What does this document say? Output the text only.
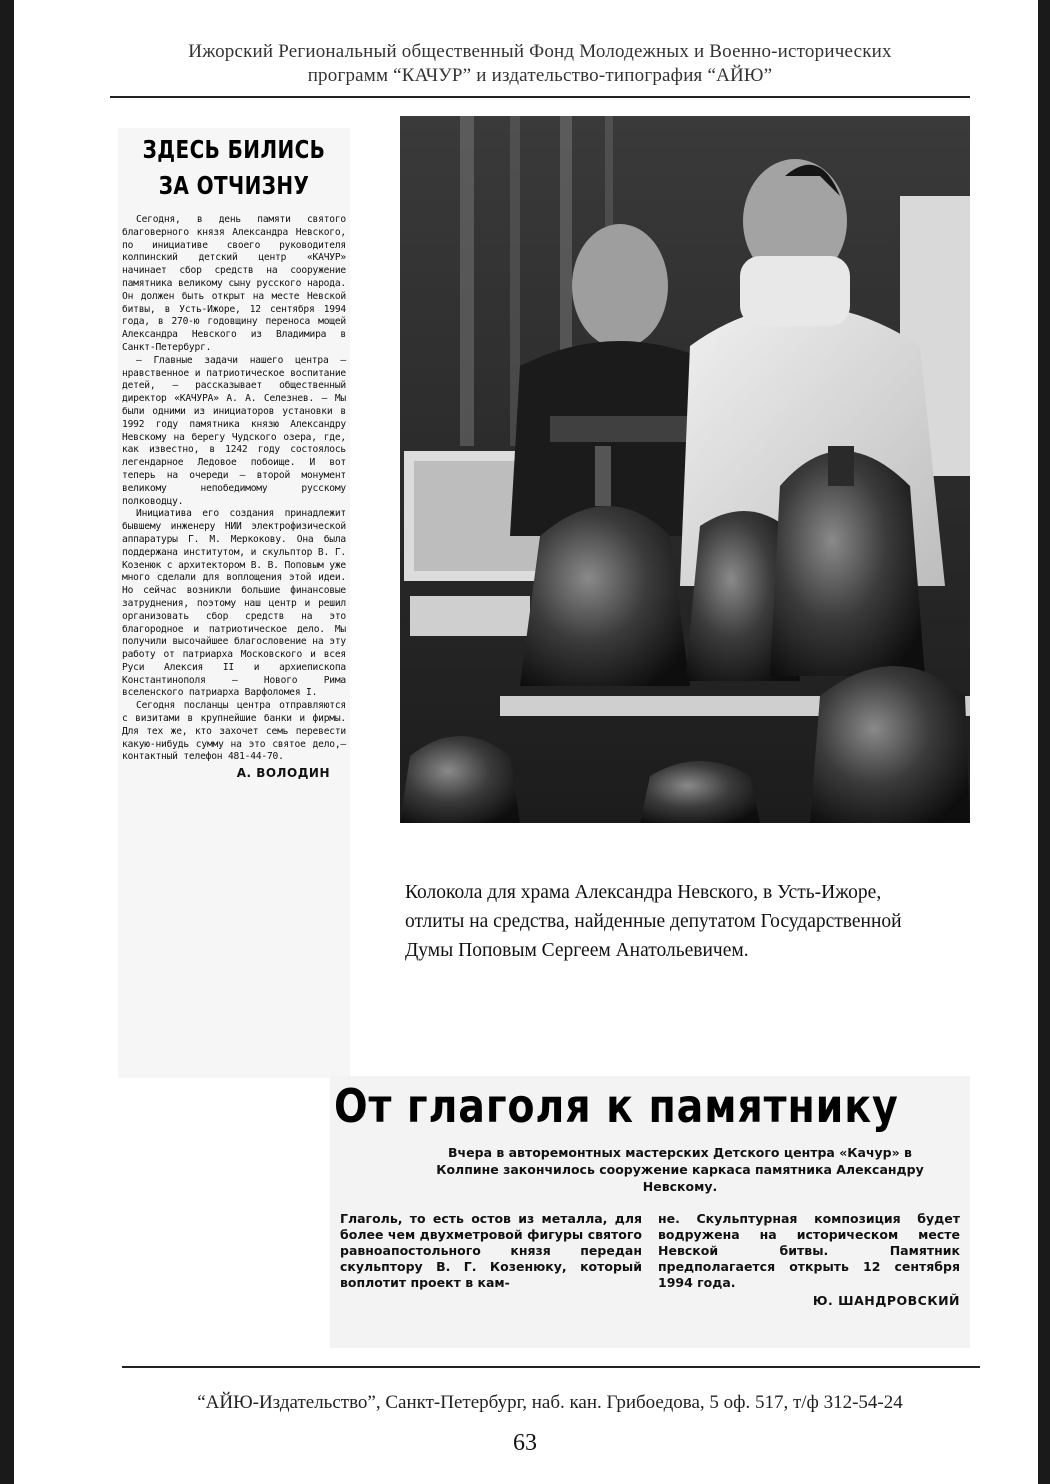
Ижорский Региональный общественный Фонд Молодежных и Военно-исторических
программ “КАЧУР” и издательство-типография “АЙЮ”
ЗДЕСЬ БИЛИСЬ
ЗА ОТЧИЗНУ

Сегодня, в день памяти святого благоверного князя Александра Невского, по инициативе своего руководителя колпинский детский центр «КАЧУР» начинает сбор средств на сооружение памятника великому сыну русского народа. Он должен быть открыт на месте Невской битвы, в Усть-Ижоре, 12 сентября 1994 года, в 270-ю годовщину переноса мощей Александра Невского из Владимира в Санкт-Петербург.

— Главные задачи нашего центра — нравственное и патриотическое воспитание детей, — рассказывает общественный директор «КАЧУРА» А. А. Селезнев. — Мы были одними из инициаторов установки в 1992 году памятника князю Александру Невскому на берегу Чудского озера, где, как известно, в 1242 году состоялось легендарное Ледовое побоище. И вот теперь на очереди — второй монумент великому непобедимому русскому полководцу.

Инициатива его создания принадлежит бывшему инженеру НИИ электрофизической аппаратуры Г. М. Меркокову. Она была поддержана институтом, и скульптор В. Г. Козенюк с архитектором В. В. Поповым уже много сделали для воплощения этой идеи. Но сейчас возникли большие финансовые затруднения, поэтому наш центр и решил организовать сбор средств на это благородное и патриотическое дело. Мы получили высочайшее благословение на эту работу от патриарха Московского и всея Руси Алексия II и архиепископа Константинополя — Нового Рима вселенского патриарха Варфоломея I.

Сегодня посланцы центра отправляются с визитами в крупнейшие банки и фирмы. Для тех же, кто захочет семь перевести какую-нибудь сумму на это святое дело,— контактный телефон 481-44-70.

А. ВОЛОДИН
Колокола для храма Александра Невского, в Усть-Ижоре,
отлиты на средства, найденные депутатом Государственной
Думы Поповым Сергеем Анатольевичем.
От глаголя к памятнику
Вчера в авторемонтных мастерских Детского центра «Качур» в Колпине закончилось сооружение каркаса памятника Александру Невскому.

Глаголь, то есть остов из металла, для более чем двухметровой фигуры святого равноапостольного князя передан скульптору В. Г. Козенюку, который воплотит проект в кам-

не. Скульптурная композиция будет водружена на историческом месте Невской битвы. Памятник предполагается открыть 12 сентября 1994 года.

Ю. ШАНДРОВСКИЙ
“АЙЮ-Издательство”, Санкт-Петербург, наб. кан. Грибоедова, 5 оф. 517, т/ф 312-54-24
63
